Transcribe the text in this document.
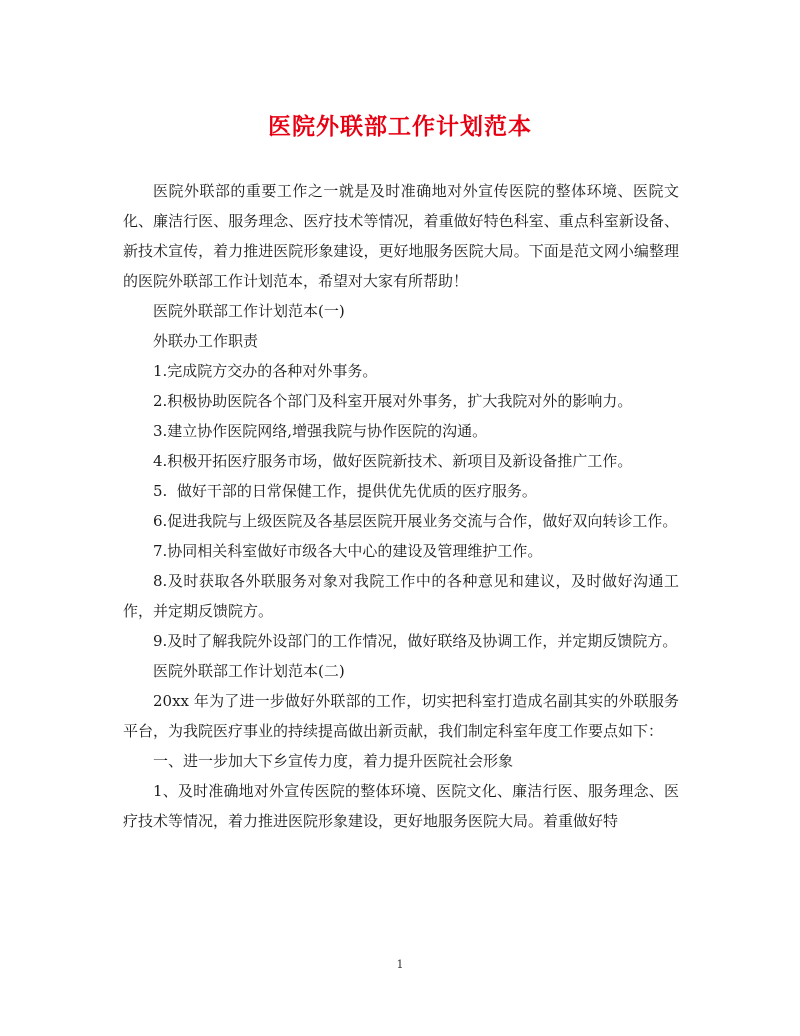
医院外联部工作计划范本

医院外联部的重要工作之一就是及时准确地对外宣传医院的整体环境、医院文化、廉洁行医、服务理念、医疗技术等情况，着重做好特色科室、重点科室新设备、新技术宣传，着力推进医院形象建设，更好地服务医院大局。下面是范文网小编整理的医院外联部工作计划范本，希望对大家有所帮助！

医院外联部工作计划范本(一)

外联办工作职责

1.完成院方交办的各种对外事务。

2.积极协助医院各个部门及科室开展对外事务，扩大我院对外的影响力。

3.建立协作医院网络,增强我院与协作医院的沟通。

4.积极开拓医疗服务市场，做好医院新技术、新项目及新设备推广工作。

5.  做好干部的日常保健工作，提供优先优质的医疗服务。

6.促进我院与上级医院及各基层医院开展业务交流与合作，做好双向转诊工作。

7.协同相关科室做好市级各大中心的建设及管理维护工作。

8.及时获取各外联服务对象对我院工作中的各种意见和建议，及时做好沟通工作，并定期反馈院方。

9.及时了解我院外设部门的工作情况，做好联络及协调工作，并定期反馈院方。

医院外联部工作计划范本(二)

20xx 年为了进一步做好外联部的工作，切实把科室打造成名副其实的外联服务平台，为我院医疗事业的持续提高做出新贡献，我们制定科室年度工作要点如下：

一、进一步加大下乡宣传力度，着力提升医院社会形象

1、及时准确地对外宣传医院的整体环境、医院文化、廉洁行医、服务理念、医疗技术等情况，着力推进医院形象建设，更好地服务医院大局。着重做好特

1
